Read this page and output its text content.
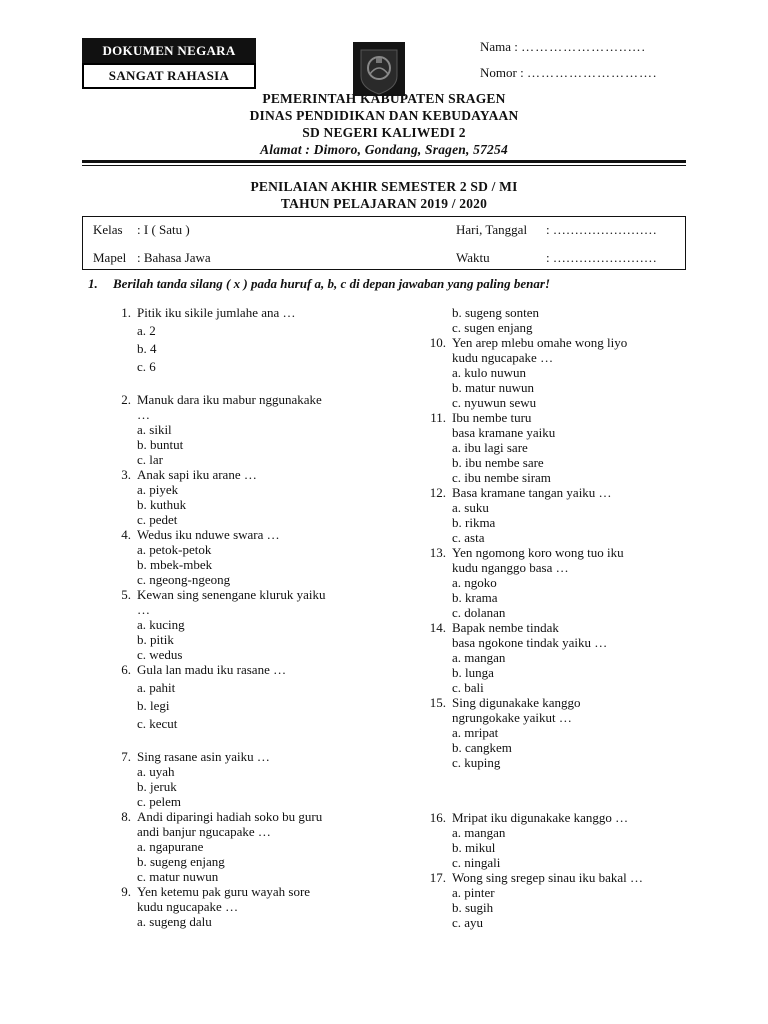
DOKUMEN NEGARA
SANGAT RAHASIA
Nama : …………………..….
Nomor : ……………………….
PEMERINTAH KABUPATEN SRAGEN
DINAS PENDIDIKAN DAN KEBUDAYAAN
SD NEGERI KALIWEDI 2
Alamat : Dimoro, Gondang, Sragen, 57254
PENILAIAN AKHIR SEMESTER 2 SD / MI
TAHUN PELAJARAN 2019 / 2020
Kelas : I ( Satu )
Mapel : Bahasa Jawa
Hari, Tanggal : ……………………
Waktu	: ……………………
1. Berilah tanda silang ( x ) pada huruf a, b, c di depan jawaban yang paling benar!
1. Pitik iku sikile jumlahe ana …
a. 2
b. 4
c. 6
2. Manuk dara iku mabur nggunakake
…
a. sikil
b. buntut
c. lar
3. Anak sapi iku arane …
a. piyek
b. kuthuk
c. pedet
4. Wedus iku nduwe swara …
a. petok-petok
b. mbek-mbek
c. ngeong-ngeong
5. Kewan sing senengane kluruk yaiku
…
a. kucing
b. pitik
c. wedus
6. Gula lan madu iku rasane …
a. pahit
b. legi
c. kecut
7. Sing rasane asin yaiku …
a. uyah
b. jeruk
c. pelem
8. Andi diparingi hadiah soko bu guru
andi banjur ngucapake …
a. ngapurane
b. sugeng enjang
c. matur nuwun
9. Yen ketemu pak guru wayah sore
kudu ngucapake …
a. sugeng dalu
b. sugeng sonten
c. sugen enjang
10. Yen arep mlebu omahe wong liyo
kudu ngucapake …
a. kulo nuwun
b. matur nuwun
c. nyuwun sewu
11. Ibu nembe turu
basa kramane yaiku
a. ibu lagi sare
b. ibu nembe sare
c. ibu nembe siram
12. Basa kramane tangan yaiku …
a. suku
b. rikma
c. asta
13. Yen ngomong koro wong tuo iku
kudu nganggo basa …
a. ngoko
b. krama
c. dolanan
14. Bapak nembe tindak
basa ngokone tindak yaiku …
a. mangan
b. lunga
c. bali
15. Sing digunakake kanggo
ngrungokake yaikut …
a. mripat
b. cangkem
c. kuping
16. Mripat iku digunakake kanggo …
a. mangan
b. mikul
c. ningali
17. Wong sing sregep sinau iku bakal …
a. pinter
b. sugih
c. ayu
